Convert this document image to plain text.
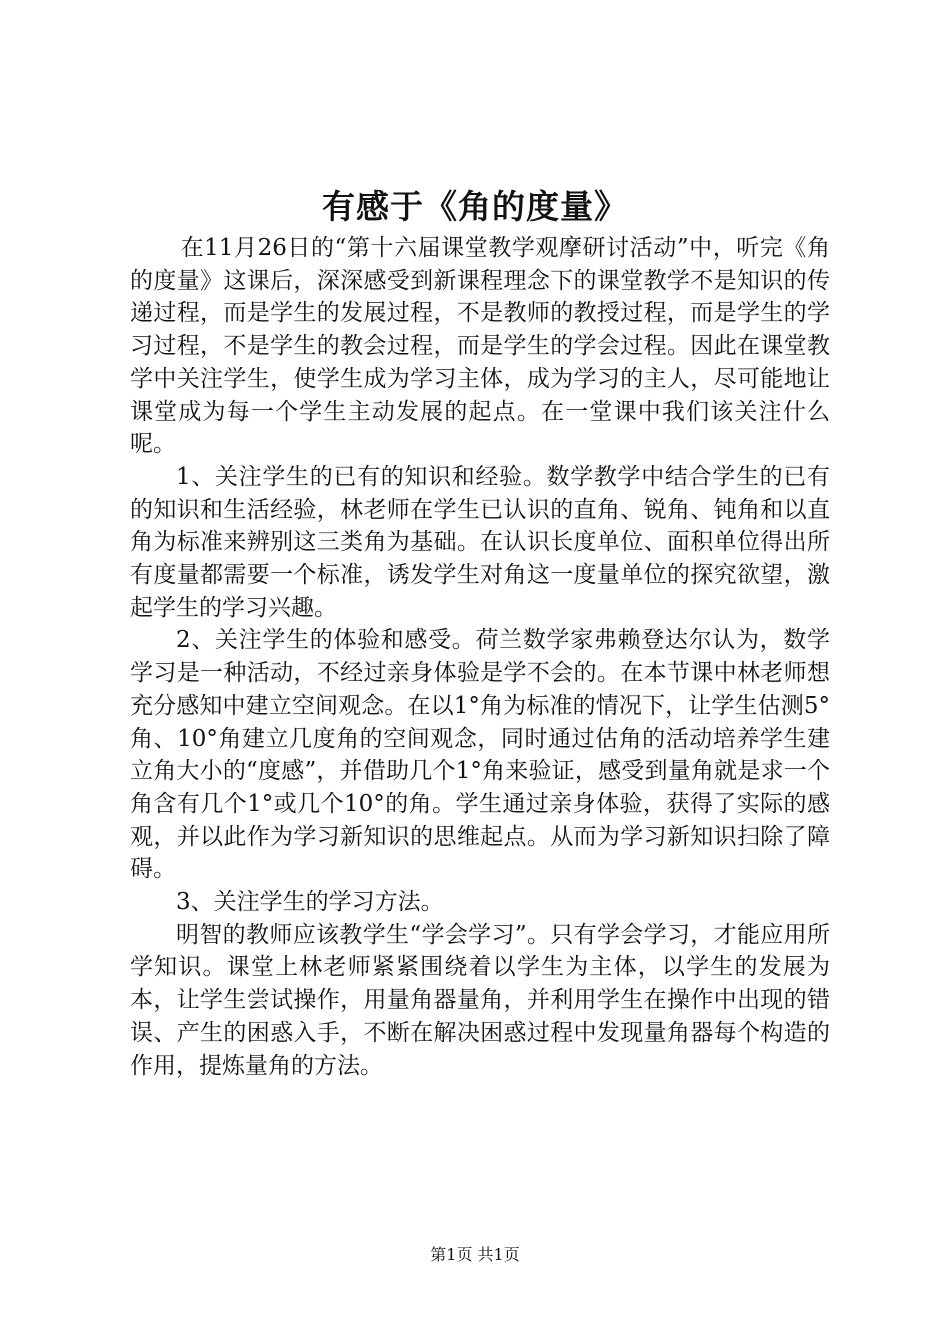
有感于《角的度量》

在11月26日的“第十六届课堂教学观摩研讨活动”中，听完《角的度量》这课后，深深感受到新课程理念下的课堂教学不是知识的传递过程，而是学生的发展过程，不是教师的教授过程，而是学生的学习过程，不是学生的教会过程，而是学生的学会过程。因此在课堂教学中关注学生，使学生成为学习主体，成为学习的主人，尽可能地让课堂成为每一个学生主动发展的起点。在一堂课中我们该关注什么呢。

1、关注学生的已有的知识和经验。数学教学中结合学生的已有的知识和生活经验，林老师在学生已认识的直角、锐角、钝角和以直角为标准来辨别这三类角为基础。在认识长度单位、面积单位得出所有度量都需要一个标准，诱发学生对角这一度量单位的探究欲望，激起学生的学习兴趣。

2、关注学生的体验和感受。荷兰数学家弗赖登达尔认为，数学学习是一种活动，不经过亲身体验是学不会的。在本节课中林老师想充分感知中建立空间观念。在以1°角为标准的情况下，让学生估测5°角、10°角建立几度角的空间观念，同时通过估角的活动培养学生建立角大小的“度感”，并借助几个1°角来验证，感受到量角就是求一个角含有几个1°或几个10°的角。学生通过亲身体验，获得了实际的感观，并以此作为学习新知识的思维起点。从而为学习新知识扫除了障碍。

3、关注学生的学习方法。

明智的教师应该教学生“学会学习”。只有学会学习，才能应用所学知识。课堂上林老师紧紧围绕着以学生为主体，以学生的发展为本，让学生尝试操作，用量角器量角，并利用学生在操作中出现的错误、产生的困惑入手，不断在解决困惑过程中发现量角器每个构造的作用，提炼量角的方法。

第1页 共1页
